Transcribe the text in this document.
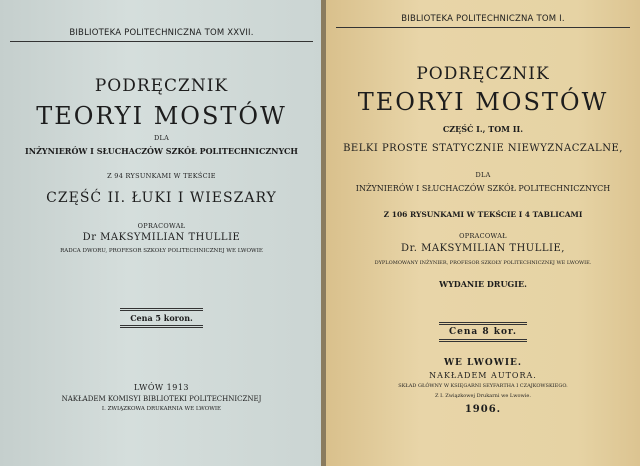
BIBLIOTEKA POLITECHNICZNA TOM XXVII.
PODRĘCZNIK
TEORYI MOSTÓW
DLA
INŻYNIERÓW I SŁUCHACZÓW SZKÓŁ POLITECHNICZNYCH
Z 94 RYSUNKAMI W TEKŚCIE
CZĘŚĆ II. ŁUKI I WIESZARY
OPRACOWAŁ
Dr MAKSYMILIAN THULLIE
RADCA DWORU, PROFESOR SZKOŁY POLITECHNICZNEJ WE LWOWIE
Cena 5 koron.
LWÓW 1913
NAKŁADEM KOMISYI BIBLIOTEKI POLITECHNICZNEJ
I. ZWIĄZKOWA DRUKARNIA WE LWOWIE
BIBLIOTEKA POLITECHNICZNA TOM I.
PODRĘCZNIK
TEORYI MOSTÓW
CZĘŚĆ I., TOM II.
BELKI PROSTE STATYCZNIE NIEWYZNACZALNE,
DLA
INŻYNIERÓW I SŁUCHACZÓW SZKÓŁ POLITECHNICZNYCH
Z 106 RYSUNKAMI W TEKŚCIE I 4 TABLICAMI
OPRACOWAŁ
Dr. MAKSYMILIAN THULLIE,
DYPLOMOWANY INŻYNIER, PROFESOR SZKOŁY POLITECHNICZNEJ WE LWOWIE.
WYDANIE DRUGIE.
Cena 8 kor.
WE LWOWIE.
NAKŁADEM AUTORA.
SKŁAD GŁÓWNY W KSIĘGARNI SEYFARTHA I CZAJKOWSKIEGO.
Z I. Związkowej Drukarni we Lwowie.
1906.
